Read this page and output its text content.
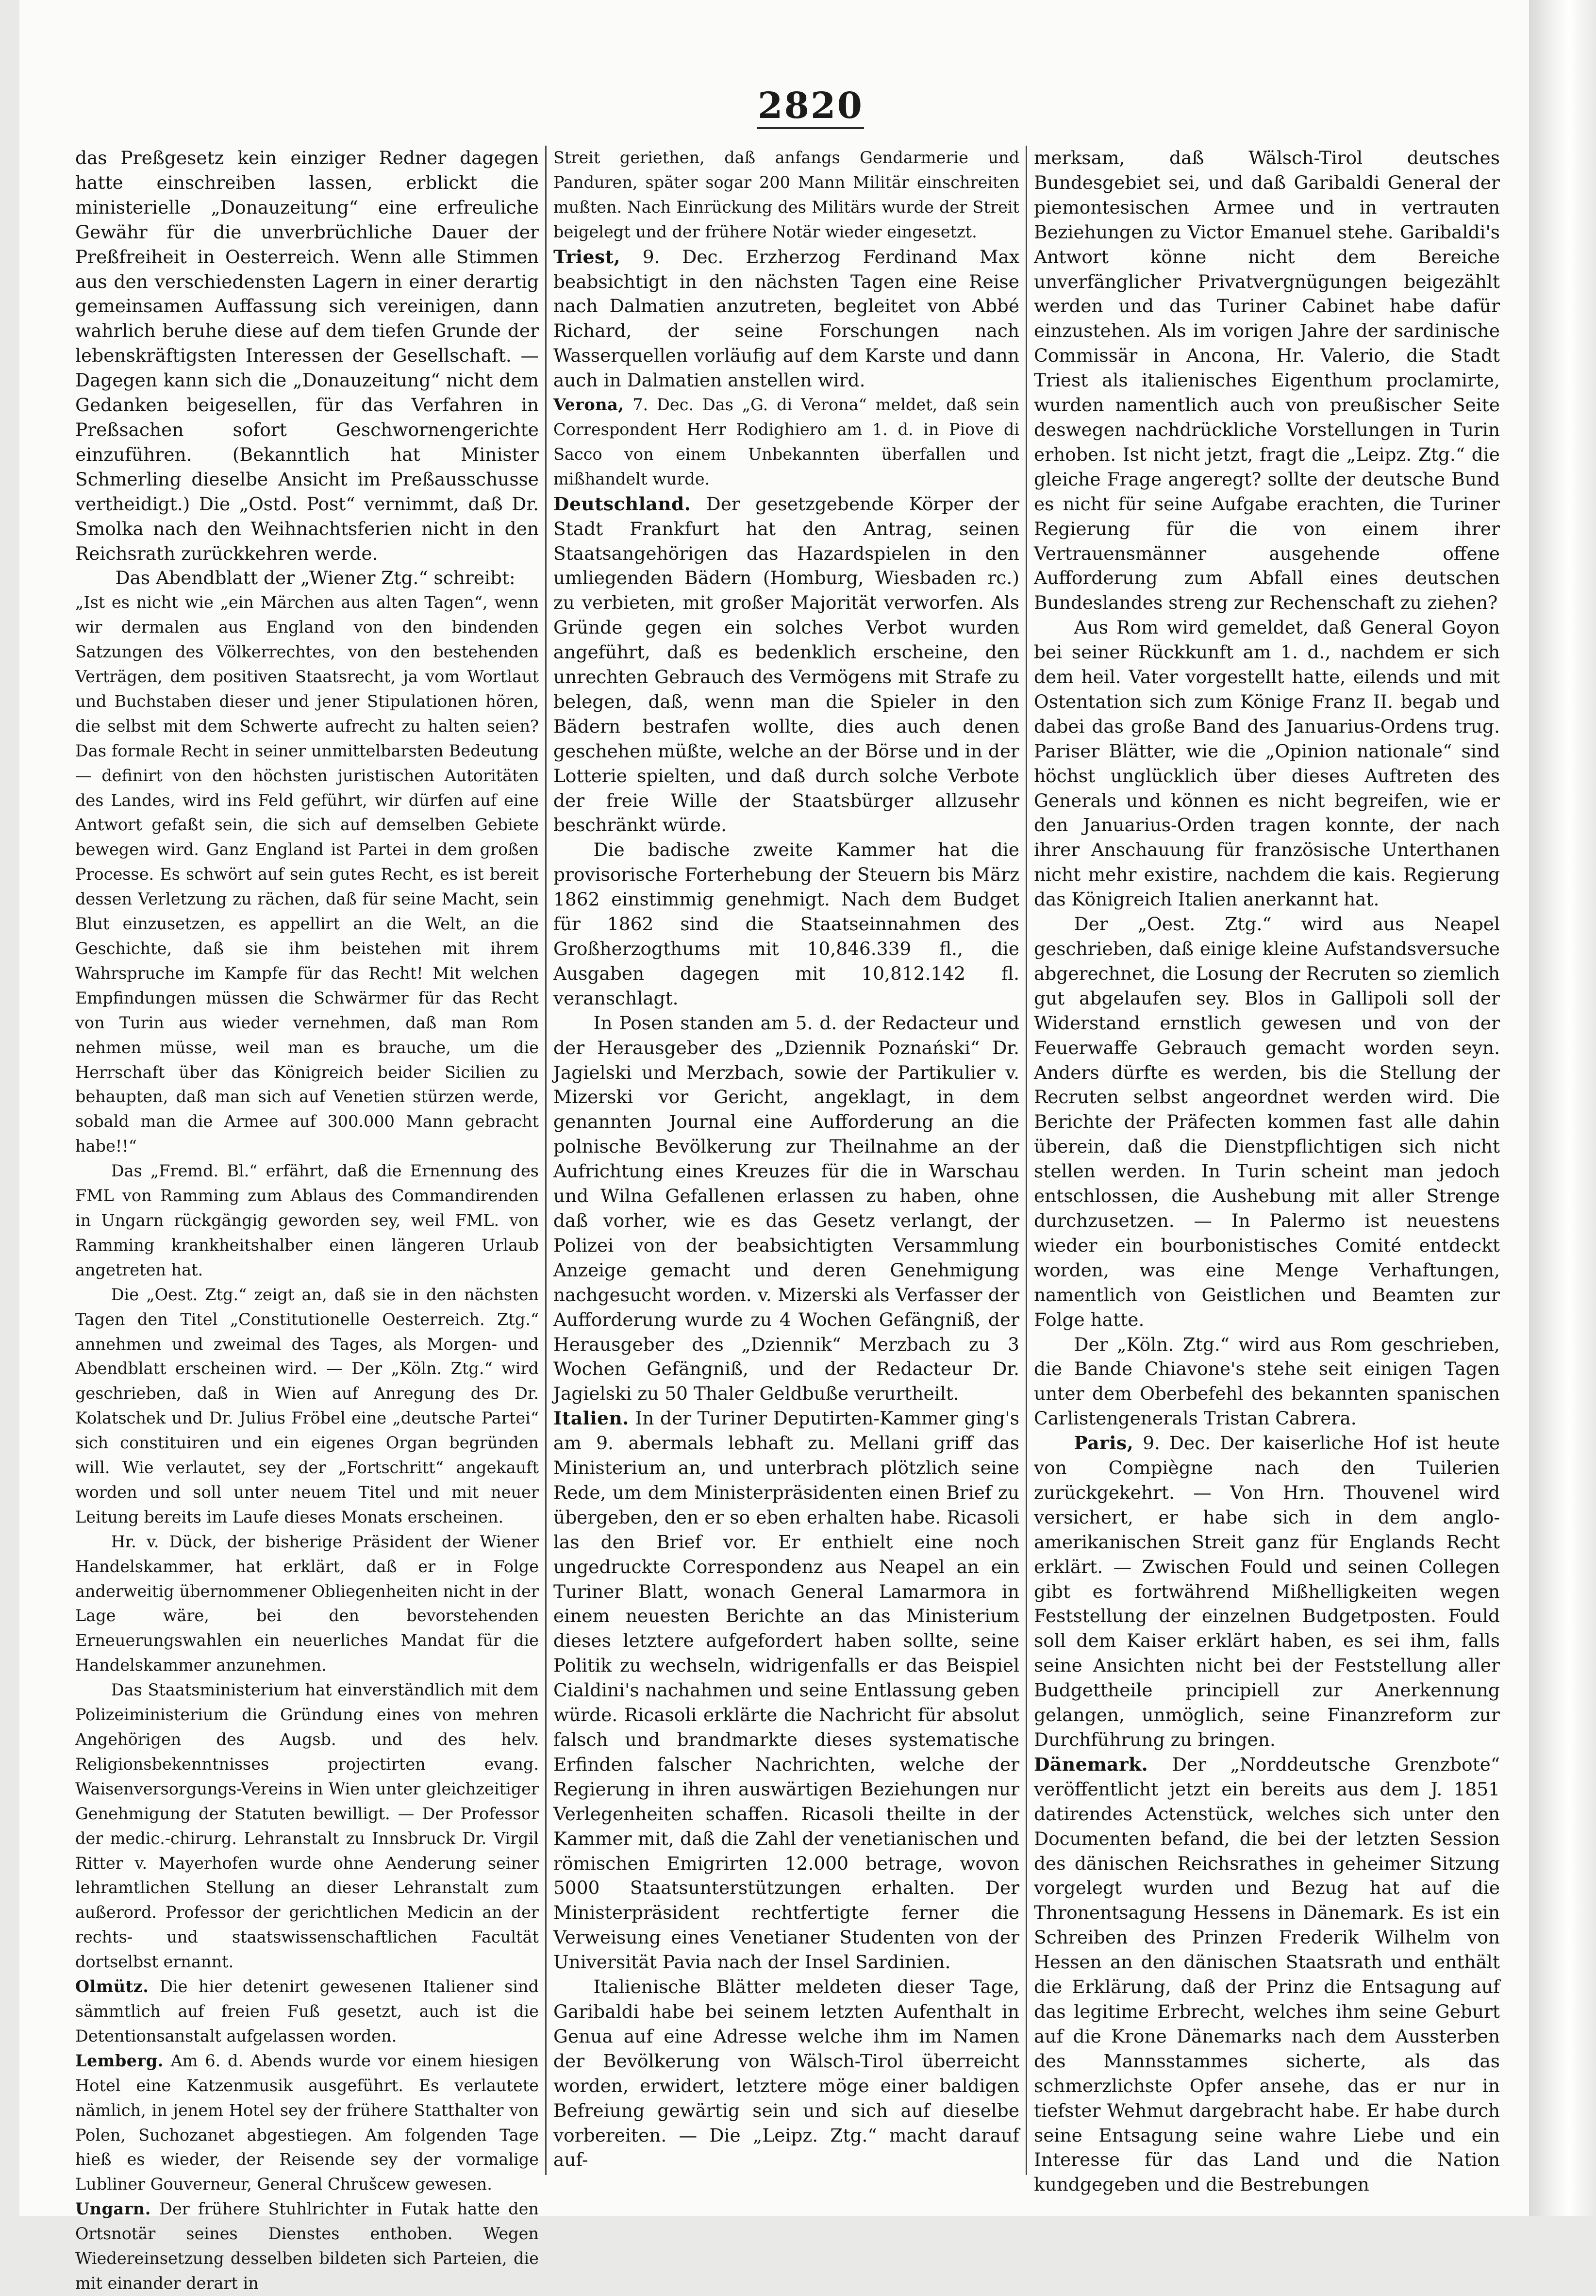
2820

das Preßgesetz kein einziger Redner dagegen hatte einschreiben lassen, erblickt die ministerielle „Donauzeitung“ eine erfreuliche Gewähr für die unverbrüchliche Dauer der Preßfreiheit in Oesterreich. Wenn alle Stimmen aus den verschiedensten Lagern in einer derartig gemeinsamen Auffassung sich vereinigen, dann wahrlich beruhe diese auf dem tiefen Grunde der lebenskräftigsten Interessen der Gesellschaft. — Dagegen kann sich die „Donauzeitung“ nicht dem Gedanken beigesellen, für das Verfahren in Preßsachen sofort Geschwornengerichte einzuführen. (Bekanntlich hat Minister Schmerling dieselbe Ansicht im Preßausschusse vertheidigt.) Die „Ostd. Post“ vernimmt, daß Dr. Smolka nach den Weihnachtsferien nicht in den Reichsrath zurückkehren werde.

Das Abendblatt der „Wiener Ztg.“ schreibt:

„Ist es nicht wie „ein Märchen aus alten Tagen“, wenn wir dermalen aus England von den bindenden Satzungen des Völkerrechtes, von den bestehenden Verträgen, dem positiven Staatsrecht, ja vom Wortlaut und Buchstaben dieser und jener Stipulationen hören, die selbst mit dem Schwerte aufrecht zu halten seien? Das formale Recht in seiner unmittelbarsten Bedeutung — definirt von den höchsten juristischen Autoritäten des Landes, wird ins Feld geführt, wir dürfen auf eine Antwort gefaßt sein, die sich auf demselben Gebiete bewegen wird. Ganz England ist Partei in dem großen Processe. Es schwört auf sein gutes Recht, es ist bereit dessen Verletzung zu rächen, daß für seine Macht, sein Blut einzusetzen, es appellirt an die Welt, an die Geschichte, daß sie ihm beistehen mit ihrem Wahrspruche im Kampfe für das Recht! Mit welchen Empfindungen müssen die Schwärmer für das Recht von Turin aus wieder vernehmen, daß man Rom nehmen müsse, weil man es brauche, um die Herrschaft über das Königreich beider Sicilien zu behaupten, daß man sich auf Venetien stürzen werde, sobald man die Armee auf 300.000 Mann gebracht habe!!“

Das „Fremd. Bl.“ erfährt, daß die Ernennung des FML von Ramming zum Ablaus des Commandirenden in Ungarn rückgängig geworden sey, weil FML. von Ramming krankheitshalber einen längeren Urlaub angetreten hat.

Die „Oest. Ztg.“ zeigt an, daß sie in den nächsten Tagen den Titel „Constitutionelle Oesterreich. Ztg.“ annehmen und zweimal des Tages, als Morgen- und Abendblatt erscheinen wird. — Der „Köln. Ztg.“ wird geschrieben, daß in Wien auf Anregung des Dr. Kolatschek und Dr. Julius Fröbel eine „deutsche Partei“ sich constituiren und ein eigenes Organ begründen will. Wie verlautet, sey der „Fortschritt“ angekauft worden und soll unter neuem Titel und mit neuer Leitung bereits im Laufe dieses Monats erscheinen.

Hr. v. Dück, der bisherige Präsident der Wiener Handelskammer, hat erklärt, daß er in Folge anderweitig übernommener Obliegenheiten nicht in der Lage wäre, bei den bevorstehenden Erneuerungswahlen ein neuerliches Mandat für die Handelskammer anzunehmen.

Das Staatsministerium hat einverständlich mit dem Polizeiministerium die Gründung eines von mehren Angehörigen des Augsb. und des helv. Religionsbekenntnisses projectirten evang. Waisenversorgungs-Vereins in Wien unter gleichzeitiger Genehmigung der Statuten bewilligt. — Der Professor der medic.-chirurg. Lehranstalt zu Innsbruck Dr. Virgil Ritter v. Mayerhofen wurde ohne Aenderung seiner lehramtlichen Stellung an dieser Lehranstalt zum außerord. Professor der gerichtlichen Medicin an der rechts- und staatswissenschaftlichen Facultät dortselbst ernannt.

Olmütz. Die hier detenirt gewesenen Italiener sind sämmtlich auf freien Fuß gesetzt, auch ist die Detentionsanstalt aufgelassen worden.

Lemberg. Am 6. d. Abends wurde vor einem hiesigen Hotel eine Katzenmusik ausgeführt. Es verlautete nämlich, in jenem Hotel sey der frühere Statthalter von Polen, Suchozanet abgestiegen. Am folgenden Tage hieß es wieder, der Reisende sey der vormalige Lubliner Gouverneur, General Chrušcew gewesen.

Ungarn. Der frühere Stuhlrichter in Futak hatte den Ortsnotär seines Dienstes enthoben. Wegen Wiedereinsetzung desselben bildeten sich Parteien, die mit einander derart in

Streit geriethen, daß anfangs Gendarmerie und Panduren, später sogar 200 Mann Militär einschreiten mußten. Nach Einrückung des Militärs wurde der Streit beigelegt und der frühere Notär wieder eingesetzt.

Triest, 9. Dec. Erzherzog Ferdinand Max beabsichtigt in den nächsten Tagen eine Reise nach Dalmatien anzutreten, begleitet von Abbé Richard, der seine Forschungen nach Wasserquellen vorläufig auf dem Karste und dann auch in Dalmatien anstellen wird.

Verona, 7. Dec. Das „G. di Verona“ meldet, daß sein Correspondent Herr Rodighiero am 1. d. in Piove di Sacco von einem Unbekannten überfallen und mißhandelt wurde.

Deutschland. Der gesetzgebende Körper der Stadt Frankfurt hat den Antrag, seinen Staatsangehörigen das Hazardspielen in den umliegenden Bädern (Homburg, Wiesbaden rc.) zu verbieten, mit großer Majorität verworfen. Als Gründe gegen ein solches Verbot wurden angeführt, daß es bedenklich erscheine, den unrechten Gebrauch des Vermögens mit Strafe zu belegen, daß, wenn man die Spieler in den Bädern bestrafen wollte, dies auch denen geschehen müßte, welche an der Börse und in der Lotterie spielten, und daß durch solche Verbote der freie Wille der Staatsbürger allzusehr beschränkt würde.

Die badische zweite Kammer hat die provisorische Forterhebung der Steuern bis März 1862 einstimmig genehmigt. Nach dem Budget für 1862 sind die Staatseinnahmen des Großherzogthums mit 10,846.339 fl., die Ausgaben dagegen mit 10,812.142 fl. veranschlagt.

In Posen standen am 5. d. der Redacteur und der Herausgeber des „Dziennik Poznański“ Dr. Jagielski und Merzbach, sowie der Partikulier v. Mizerski vor Gericht, angeklagt, in dem genannten Journal eine Aufforderung an die polnische Bevölkerung zur Theilnahme an der Aufrichtung eines Kreuzes für die in Warschau und Wilna Gefallenen erlassen zu haben, ohne daß vorher, wie es das Gesetz verlangt, der Polizei von der beabsichtigten Versammlung Anzeige gemacht und deren Genehmigung nachgesucht worden. v. Mizerski als Verfasser der Aufforderung wurde zu 4 Wochen Gefängniß, der Herausgeber des „Dziennik“ Merzbach zu 3 Wochen Gefängniß, und der Redacteur Dr. Jagielski zu 50 Thaler Geldbuße verurtheilt.

Italien. In der Turiner Deputirten-Kammer ging's am 9. abermals lebhaft zu. Mellani griff das Ministerium an, und unterbrach plötzlich seine Rede, um dem Ministerpräsidenten einen Brief zu übergeben, den er so eben erhalten habe. Ricasoli las den Brief vor. Er enthielt eine noch ungedruckte Correspondenz aus Neapel an ein Turiner Blatt, wonach General Lamarmora in einem neuesten Berichte an das Ministerium dieses letztere aufgefordert haben sollte, seine Politik zu wechseln, widrigenfalls er das Beispiel Cialdini's nachahmen und seine Entlassung geben würde. Ricasoli erklärte die Nachricht für absolut falsch und brandmarkte dieses systematische Erfinden falscher Nachrichten, welche der Regierung in ihren auswärtigen Beziehungen nur Verlegenheiten schaffen. Ricasoli theilte in der Kammer mit, daß die Zahl der venetianischen und römischen Emigrirten 12.000 betrage, wovon 5000 Staatsunterstützungen erhalten. Der Ministerpräsident rechtfertigte ferner die Verweisung eines Venetianer Studenten von der Universität Pavia nach der Insel Sardinien.

Italienische Blätter meldeten dieser Tage, Garibaldi habe bei seinem letzten Aufenthalt in Genua auf eine Adresse welche ihm im Namen der Bevölkerung von Wälsch-Tirol überreicht worden, erwidert, letztere möge einer baldigen Befreiung gewärtig sein und sich auf dieselbe vorbereiten. — Die „Leipz. Ztg.“ macht darauf auf-

merksam, daß Wälsch-Tirol deutsches Bundesgebiet sei, und daß Garibaldi General der piemontesischen Armee und in vertrauten Beziehungen zu Victor Emanuel stehe. Garibaldi's Antwort könne nicht dem Bereiche unverfänglicher Privatvergnügungen beigezählt werden und das Turiner Cabinet habe dafür einzustehen. Als im vorigen Jahre der sardinische Commissär in Ancona, Hr. Valerio, die Stadt Triest als italienisches Eigenthum proclamirte, wurden namentlich auch von preußischer Seite deswegen nachdrückliche Vorstellungen in Turin erhoben. Ist nicht jetzt, fragt die „Leipz. Ztg.“ die gleiche Frage angeregt? sollte der deutsche Bund es nicht für seine Aufgabe erachten, die Turiner Regierung für die von einem ihrer Vertrauensmänner ausgehende offene Aufforderung zum Abfall eines deutschen Bundeslandes streng zur Rechenschaft zu ziehen?

Aus Rom wird gemeldet, daß General Goyon bei seiner Rückkunft am 1. d., nachdem er sich dem heil. Vater vorgestellt hatte, eilends und mit Ostentation sich zum Könige Franz II. begab und dabei das große Band des Januarius-Ordens trug. Pariser Blätter, wie die „Opinion nationale“ sind höchst unglücklich über dieses Auftreten des Generals und können es nicht begreifen, wie er den Januarius-Orden tragen konnte, der nach ihrer Anschauung für französische Unterthanen nicht mehr existire, nachdem die kais. Regierung das Königreich Italien anerkannt hat.

Der „Oest. Ztg.“ wird aus Neapel geschrieben, daß einige kleine Aufstandsversuche abgerechnet, die Losung der Recruten so ziemlich gut abgelaufen sey. Blos in Gallipoli soll der Widerstand ernstlich gewesen und von der Feuerwaffe Gebrauch gemacht worden seyn. Anders dürfte es werden, bis die Stellung der Recruten selbst angeordnet werden wird. Die Berichte der Präfecten kommen fast alle dahin überein, daß die Dienstpflichtigen sich nicht stellen werden. In Turin scheint man jedoch entschlossen, die Aushebung mit aller Strenge durchzusetzen. — In Palermo ist neuestens wieder ein bourbonistisches Comité entdeckt worden, was eine Menge Verhaftungen, namentlich von Geistlichen und Beamten zur Folge hatte.

Der „Köln. Ztg.“ wird aus Rom geschrieben, die Bande Chiavone's stehe seit einigen Tagen unter dem Oberbefehl des bekannten spanischen Carlistengenerals Tristan Cabrera.

Paris, 9. Dec. Der kaiserliche Hof ist heute von Compiègne nach den Tuilerien zurückgekehrt. — Von Hrn. Thouvenel wird versichert, er habe sich in dem anglo-amerikanischen Streit ganz für Englands Recht erklärt. — Zwischen Fould und seinen Collegen gibt es fortwährend Mißhelligkeiten wegen Feststellung der einzelnen Budgetposten. Fould soll dem Kaiser erklärt haben, es sei ihm, falls seine Ansichten nicht bei der Feststellung aller Budgettheile principiell zur Anerkennung gelangen, unmöglich, seine Finanzreform zur Durchführung zu bringen.

Dänemark. Der „Norddeutsche Grenzbote“ veröffentlicht jetzt ein bereits aus dem J. 1851 datirendes Actenstück, welches sich unter den Documenten befand, die bei der letzten Session des dänischen Reichsrathes in geheimer Sitzung vorgelegt wurden und Bezug hat auf die Thronentsagung Hessens in Dänemark. Es ist ein Schreiben des Prinzen Frederik Wilhelm von Hessen an den dänischen Staatsrath und enthält die Erklärung, daß der Prinz die Entsagung auf das legitime Erbrecht, welches ihm seine Geburt auf die Krone Dänemarks nach dem Aussterben des Mannsstammes sicherte, als das schmerzlichste Opfer ansehe, das er nur in tiefster Wehmut dargebracht habe. Er habe durch seine Entsagung seine wahre Liebe und ein Interesse für das Land und die Nation kundgegeben und die Bestrebungen
